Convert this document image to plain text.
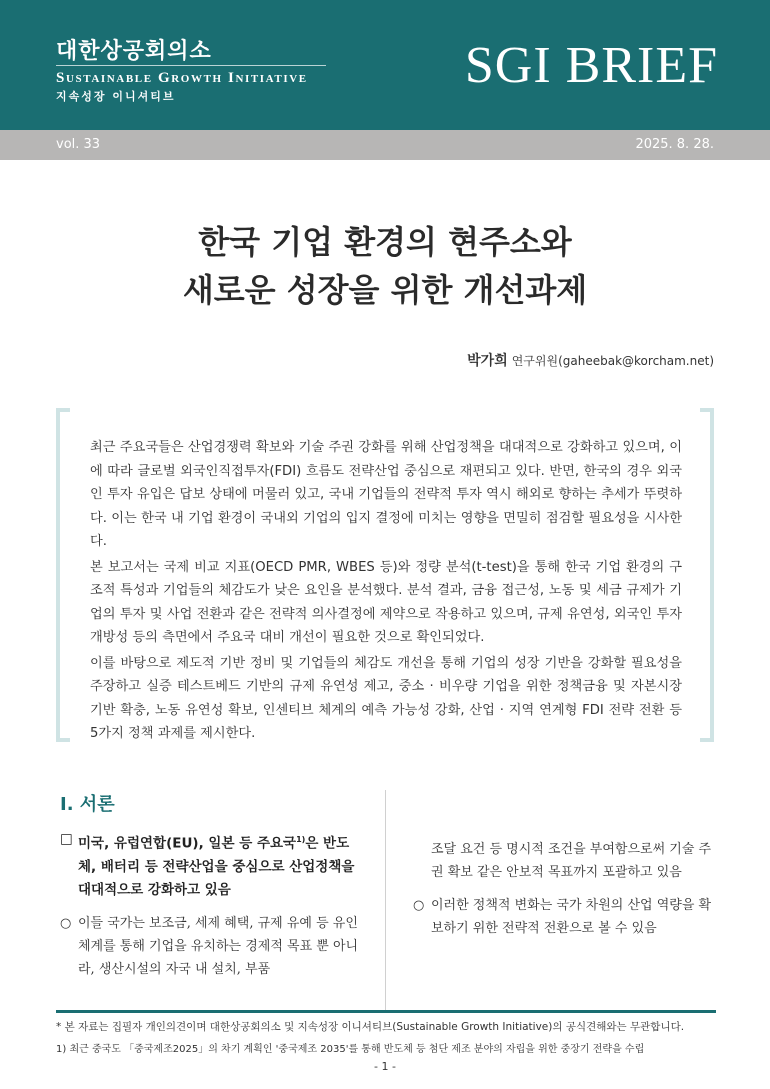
대한상공회의소
Sustainable Growth Initiative
지속성장 이니셔티브
SGI BRIEF
vol. 33	2025. 8. 28.
한국 기업 환경의 현주소와
새로운 성장을 위한 개선과제
박가희 연구위원(gaheebak@korcham.net)

최근 주요국들은 산업경쟁력 확보와 기술 주권 강화를 위해 산업정책을 대대적으로 강화하고 있으며, 이에 따라 글로벌 외국인직접투자(FDI) 흐름도 전략산업 중심으로 재편되고 있다. 반면, 한국의 경우 외국인 투자 유입은 답보 상태에 머물러 있고, 국내 기업들의 전략적 투자 역시 해외로 향하는 추세가 뚜렷하다. 이는 한국 내 기업 환경이 국내외 기업의 입지 결정에 미치는 영향을 면밀히 점검할 필요성을 시사한다.

본 보고서는 국제 비교 지표(OECD PMR, WBES 등)와 정량 분석(t-test)을 통해 한국 기업 환경의 구조적 특성과 기업들의 체감도가 낮은 요인을 분석했다. 분석 결과, 금융 접근성, 노동 및 세금 규제가 기업의 투자 및 사업 전환과 같은 전략적 의사결정에 제약으로 작용하고 있으며, 규제 유연성, 외국인 투자 개방성 등의 측면에서 주요국 대비 개선이 필요한 것으로 확인되었다.

이를 바탕으로 제도적 기반 정비 및 기업들의 체감도 개선을 통해 기업의 성장 기반을 강화할 필요성을 주장하고 실증 테스트베드 기반의 규제 유연성 제고, 중소 · 비우량 기업을 위한 정책금융 및 자본시장 기반 확충, 노동 유연성 확보, 인센티브 체계의 예측 가능성 강화, 산업 · 지역 연계형 FDI 전략 전환 등 5가지 정책 과제를 제시한다.

Ⅰ. 서론
□ 미국, 유럽연합(EU), 일본 등 주요국$^{1)}$은 반도체, 배터리 등 전략산업을 중심으로 산업정책을 대대적으로 강화하고 있음
○ 이들 국가는 보조금, 세제 혜택, 규제 유예 등 유인체계를 통해 기업을 유치하는 경제적 목표 뿐 아니라, 생산시설의 자국 내 설치, 부품
조달 요건 등 명시적 조건을 부여함으로써 기술 주권 확보 같은 안보적 목표까지 포괄하고 있음
○ 이러한 정책적 변화는 국가 차원의 산업 역량을 확보하기 위한 전략적 전환으로 볼 수 있음
* 본 자료는 집필자 개인의견이며 대한상공회의소 및 지속성장 이니셔티브(Sustainable Growth Initiative)의 공식견해와는 무관합니다.
1) 최근 중국도 「중국제조2025」의 차기 계획인 '중국제조 2035'를 통해 반도체 등 첨단 제조 분야의 자립을 위한 중장기 전략을 수립
- 1 -
